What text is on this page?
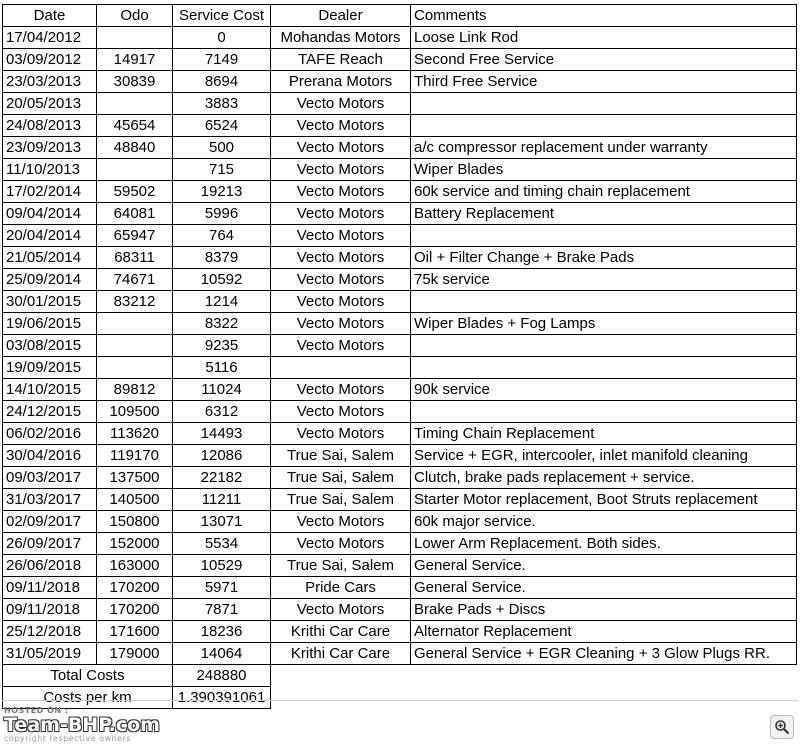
Date	Odo	Service Cost	Dealer	Comments
17/04/2012		0	Mohandas Motors	Loose Link Rod
03/09/2012	14917	7149	TAFE Reach	Second Free Service
23/03/2013	30839	8694	Prerana Motors	Third Free Service
20/05/2013		3883	Vecto Motors	
24/08/2013	45654	6524	Vecto Motors	
23/09/2013	48840	500	Vecto Motors	a/c compressor replacement under warranty
11/10/2013		715	Vecto Motors	Wiper Blades
17/02/2014	59502	19213	Vecto Motors	60k service and timing chain replacement
09/04/2014	64081	5996	Vecto Motors	Battery Replacement
20/04/2014	65947	764	Vecto Motors	
21/05/2014	68311	8379	Vecto Motors	Oil + Filter Change + Brake Pads
25/09/2014	74671	10592	Vecto Motors	75k service
30/01/2015	83212	1214	Vecto Motors	
19/06/2015		8322	Vecto Motors	Wiper Blades + Fog Lamps
03/08/2015		9235	Vecto Motors	
19/09/2015		5116		
14/10/2015	89812	11024	Vecto Motors	90k service
24/12/2015	109500	6312	Vecto Motors	
06/02/2016	113620	14493	Vecto Motors	Timing Chain Replacement
30/04/2016	119170	12086	True Sai, Salem	Service + EGR, intercooler, inlet manifold cleaning
09/03/2017	137500	22182	True Sai, Salem	Clutch, brake pads replacement + service.
31/03/2017	140500	11211	True Sai, Salem	Starter Motor replacement, Boot Struts replacement
02/09/2017	150800	13071	Vecto Motors	60k major service.
26/09/2017	152000	5534	Vecto Motors	Lower Arm Replacement. Both sides.
26/06/2018	163000	10529	True Sai, Salem	General Service.
09/11/2018	170200	5971	Pride Cars	General Service.
09/11/2018	170200	7871	Vecto Motors	Brake Pads + Discs
25/12/2018	171600	18236	Krithi Car Care	Alternator Replacement
31/05/2019	179000	14064	Krithi Car Care	General Service + EGR Cleaning + 3 Glow Plugs RR.
Total Costs		248880		
Costs per km		1.390391061		
HOSTED ON :
Team-BHP.com
copyright respective owners
